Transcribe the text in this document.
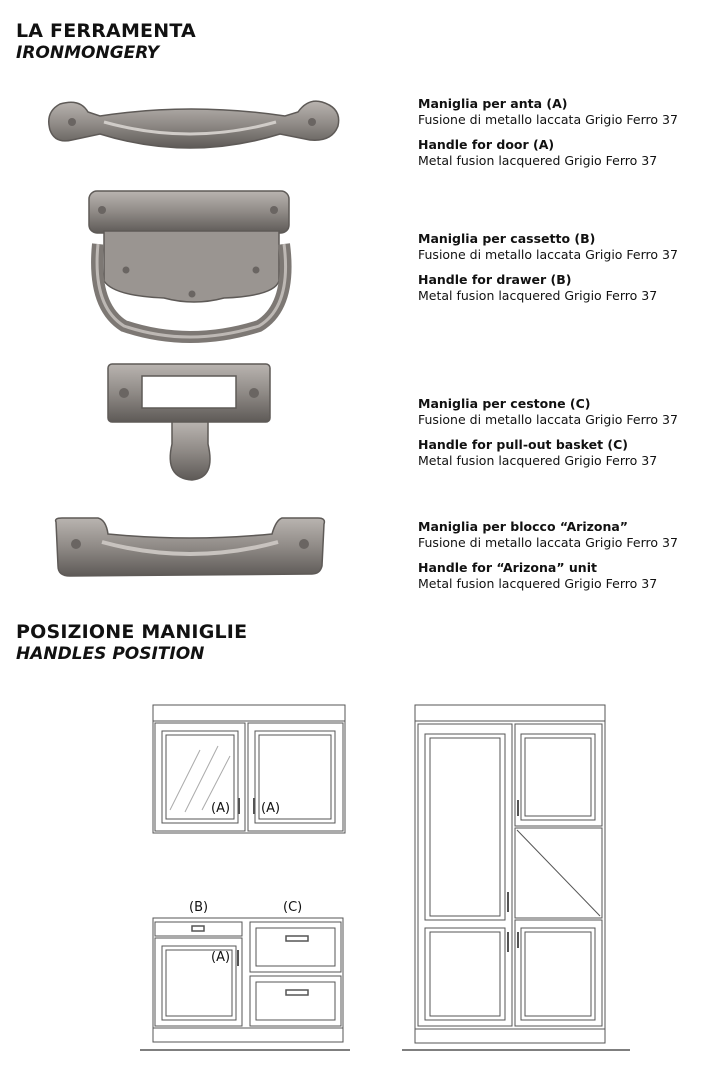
LA FERRAMENTA
IRONMONGERY
Maniglia per anta (A)
Fusione di metallo laccata Grigio Ferro 37
Handle for door (A)
Metal fusion lacquered Grigio Ferro 37
Maniglia per cassetto (B)
Fusione di metallo laccata Grigio Ferro 37
Handle for drawer (B)
Metal fusion lacquered Grigio Ferro 37
Maniglia per cestone (C)
Fusione di metallo laccata Grigio Ferro 37
Handle for pull-out basket (C)
Metal fusion lacquered Grigio Ferro 37
Maniglia per blocco “Arizona”
Fusione di metallo laccata Grigio Ferro 37
Handle for “Arizona” unit
Metal fusion lacquered Grigio Ferro 37
POSIZIONE MANIGLIE
HANDLES POSITION
(A) (A)
(B)	(C)
(A)
